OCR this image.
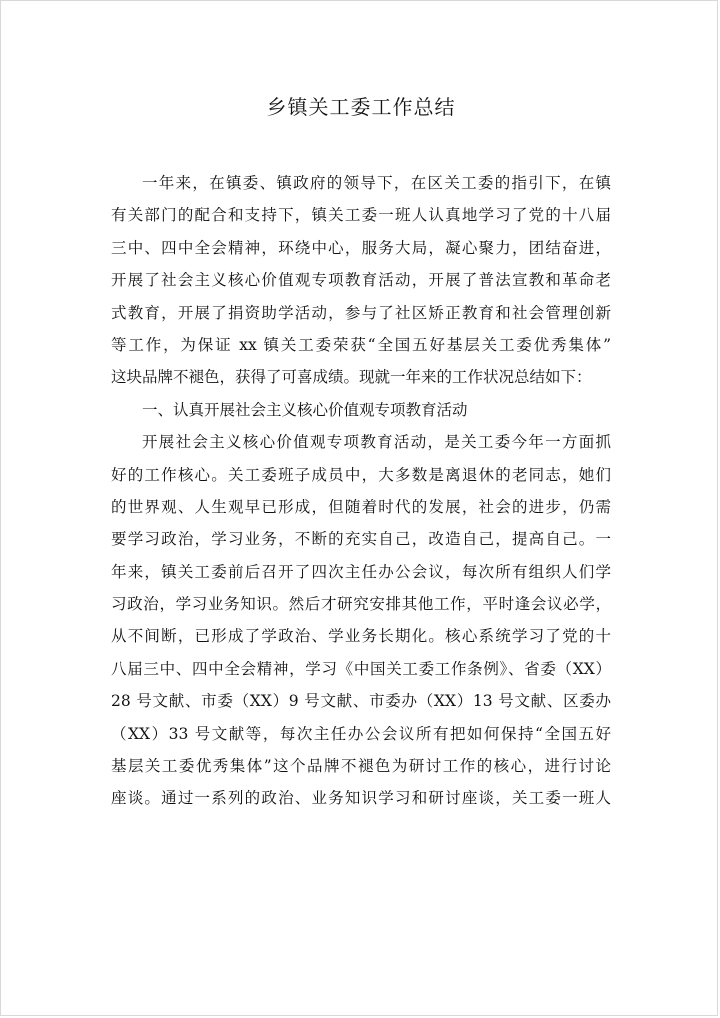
乡镇关工委工作总结
一年来，在镇委、镇政府的领导下，在区关工委的指引下，在镇
有关部门的配合和支持下，镇关工委一班人认真地学习了党的十八届
三中、四中全会精神，环绕中心，服务大局，凝心聚力，团结奋进，
开展了社会主义核心价值观专项教育活动，开展了普法宣教和革命老
式教育，开展了捐资助学活动，参与了社区矫正教育和社会管理创新
等工作，为保证 xx 镇关工委荣获“全国五好基层关工委优秀集体”
这块品牌不褪色，获得了可喜成绩。现就一年来的工作状况总结如下：
一、认真开展社会主义核心价值观专项教育活动
开展社会主义核心价值观专项教育活动，是关工委今年一方面抓
好的工作核心。关工委班子成员中，大多数是离退休的老同志，她们
的世界观、人生观早已形成，但随着时代的发展，社会的进步，仍需
要学习政治，学习业务，不断的充实自己，改造自己，提高自己。一
年来，镇关工委前后召开了四次主任办公会议，每次所有组织人们学
习政治，学习业务知识。然后才研究安排其他工作，平时逢会议必学，
从不间断，已形成了学政治、学业务长期化。核心系统学习了党的十
八届三中、四中全会精神，学习《中国关工委工作条例》、省委（XX）
28 号文献、市委（XX）9 号文献、市委办（XX）13 号文献、区委办
（XX）33 号文献等，每次主任办公会议所有把如何保持“全国五好
基层关工委优秀集体”这个品牌不褪色为研讨工作的核心，进行讨论
座谈。通过一系列的政治、业务知识学习和研讨座谈，关工委一班人
